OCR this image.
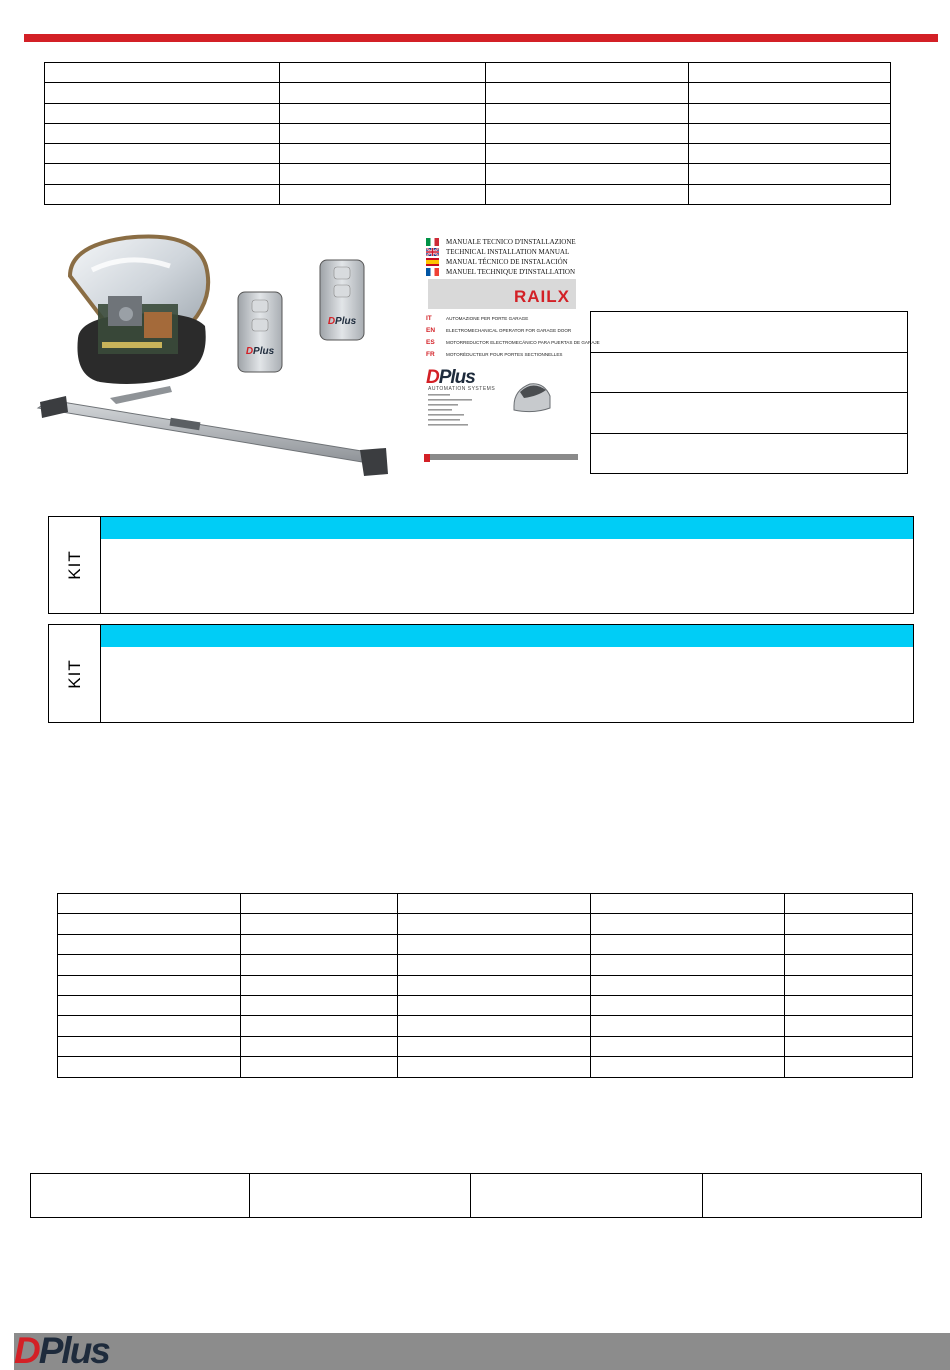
DPlus
DPlus
MANUALE TECNICO D'INSTALLAZIONE
TECHNICAL INSTALLATION MANUAL
MANUAL TÉCNICO DE INSTALACIÓN
MANUEL TECHNIQUE D'INSTALLATION
RAILX
IT	AUTOMAZIONE PER PORTE GARAGE
EN ELECTROMECHANICAL OPERATOR FOR GARAGE DOOR
ES MOTORREDUCTOR ELECTROMECÁNICO PARA PUERTAS DE GARAJE
FR MOTORÉDUCTEUR POUR PORTES SECTIONNELLES
DPlus
AUTOMATION SYSTEMS

KIT
KIT

DPlus
